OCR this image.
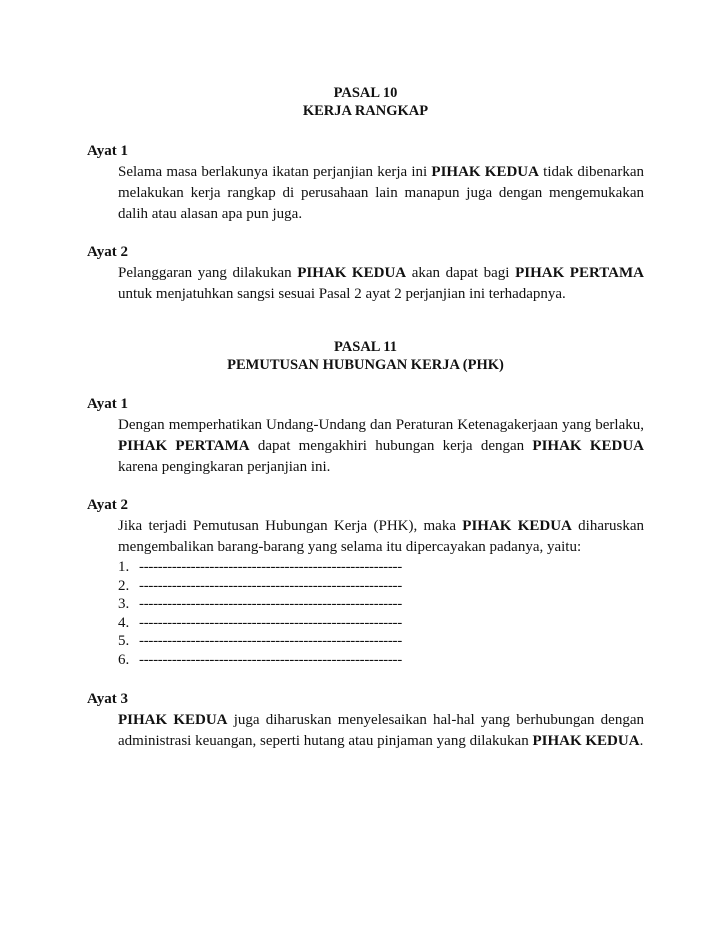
PASAL 10
KERJA RANGKAP
Ayat 1
Selama masa berlakunya ikatan perjanjian kerja ini PIHAK KEDUA tidak dibenarkan melakukan kerja rangkap di perusahaan lain manapun juga dengan mengemukakan dalih atau alasan apa pun juga.
Ayat 2
Pelanggaran yang dilakukan PIHAK KEDUA akan dapat bagi PIHAK PERTAMA untuk menjatuhkan sangsi sesuai Pasal 2 ayat 2 perjanjian ini terhadapnya.
PASAL 11
PEMUTUSAN HUBUNGAN KERJA (PHK)
Ayat 1
Dengan memperhatikan Undang-Undang dan Peraturan Ketenagakerjaan yang berlaku, PIHAK PERTAMA dapat mengakhiri hubungan kerja dengan PIHAK KEDUA karena pengingkaran perjanjian ini.
Ayat 2
Jika terjadi Pemutusan Hubungan Kerja (PHK), maka PIHAK KEDUA diharuskan mengembalikan barang-barang yang selama itu dipercayakan padanya, yaitu:
1. --------------------------------------------------------
2. --------------------------------------------------------
3. --------------------------------------------------------
4. --------------------------------------------------------
5. --------------------------------------------------------
6. --------------------------------------------------------
Ayat 3
PIHAK KEDUA juga diharuskan menyelesaikan hal-hal yang berhubungan dengan administrasi keuangan, seperti hutang atau pinjaman yang dilakukan PIHAK KEDUA.
